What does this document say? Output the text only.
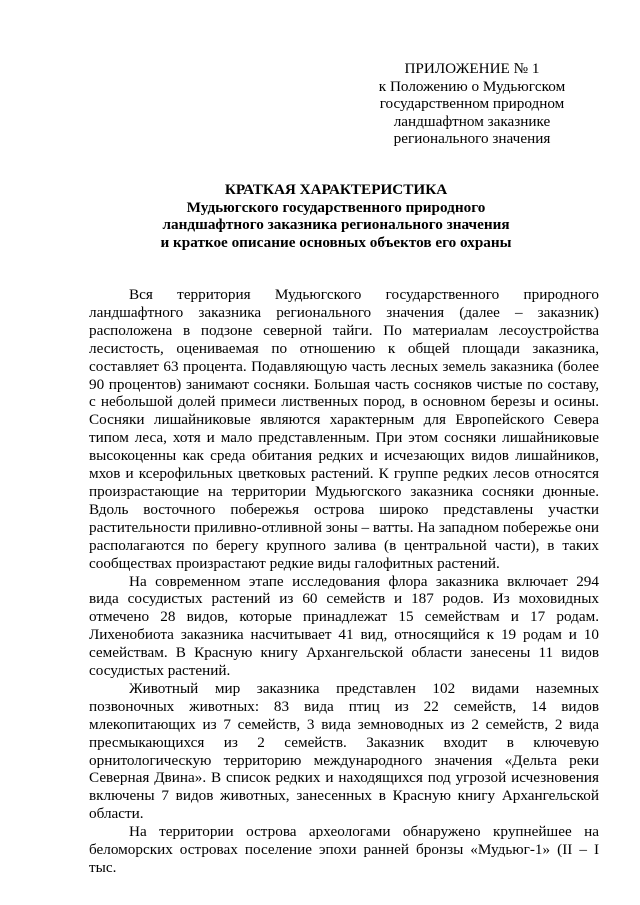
ПРИЛОЖЕНИЕ № 1
к Положению о Мудьюгском
государственном природном
ландшафтном заказнике
регионального значения
КРАТКАЯ ХАРАКТЕРИСТИКА
Мудьюгского государственного природного
ландшафтного заказника регионального значения
и краткое описание основных объектов его охраны

Вся территория Мудьюгского государственного природного ландшафтного заказника регионального значения (далее – заказник) расположена в подзоне северной тайги. По материалам лесоустройства лесистость, оцениваемая по отношению к общей площади заказника, составляет 63 процента. Подавляющую часть лесных земель заказника (более 90 процентов) занимают сосняки. Большая часть сосняков чистые по составу, с небольшой долей примеси лиственных пород, в основном березы и осины. Сосняки лишайниковые являются характерным для Европейского Севера типом леса, хотя и мало представленным. При этом сосняки лишайниковые высокоценны как среда обитания редких и исчезающих видов лишайников, мхов и ксерофильных цветковых растений. К группе редких лесов относятся произрастающие на территории Мудьюгского заказника сосняки дюнные. Вдоль восточного побережья острова широко представлены участки растительности приливно-отливной зоны – ватты. На западном побережье они располагаются по берегу крупного залива (в центральной части), в таких сообществах произрастают редкие виды галофитных растений.

На современном этапе исследования флора заказника включает 294 вида сосудистых растений из 60 семейств и 187 родов. Из моховидных отмечено 28 видов, которые принадлежат 15 семействам и 17 родам. Лихенобиота заказника насчитывает 41 вид, относящийся к 19 родам и 10 семействам. В Красную книгу Архангельской области занесены 11 видов сосудистых растений.

Животный мир заказника представлен 102 видами наземных позвоночных животных: 83 вида птиц из 22 семейств, 14 видов млекопитающих из 7 семейств, 3 вида земноводных из 2 семейств, 2 вида пресмыкающихся из 2 семейств. Заказник входит в ключевую орнитологическую территорию международного значения «Дельта реки Северная Двина». В список редких и находящихся под угрозой исчезновения включены 7 видов животных, занесенных в Красную книгу Архангельской области.

На территории острова археологами обнаружено крупнейшее на беломорских островах поселение эпохи ранней бронзы «Мудьюг-1» (II – I тыс.
